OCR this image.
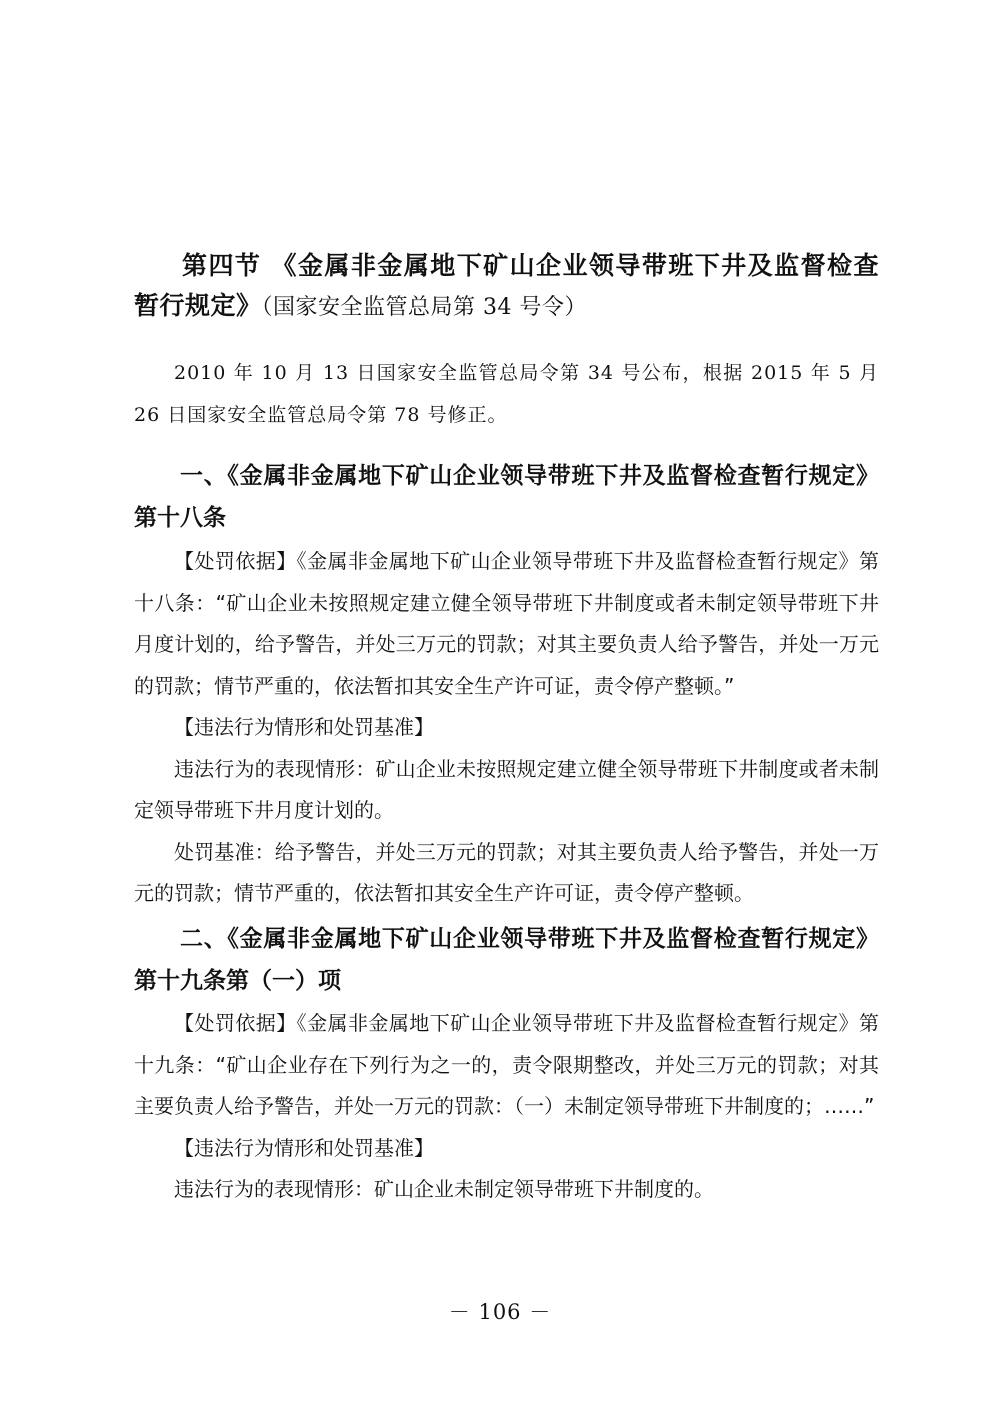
第四节 《金属非金属地下矿山企业领导带班下井及监督检查暂行规定》（国家安全监管总局第 34 号令）
2010 年 10 月 13 日国家安全监管总局令第 34 号公布，根据 2015 年 5 月 26 日国家安全监管总局令第 78 号修正。
一、《金属非金属地下矿山企业领导带班下井及监督检查暂行规定》第十八条

【处罚依据】《金属非金属地下矿山企业领导带班下井及监督检查暂行规定》第十八条：“矿山企业未按照规定建立健全领导带班下井制度或者未制定领导带班下井月度计划的，给予警告，并处三万元的罚款；对其主要负责人给予警告，并处一万元的罚款；情节严重的，依法暂扣其安全生产许可证，责令停产整顿。”

【违法行为情形和处罚基准】

违法行为的表现情形：矿山企业未按照规定建立健全领导带班下井制度或者未制定领导带班下井月度计划的。

处罚基准：给予警告，并处三万元的罚款；对其主要负责人给予警告，并处一万元的罚款；情节严重的，依法暂扣其安全生产许可证，责令停产整顿。

二、《金属非金属地下矿山企业领导带班下井及监督检查暂行规定》第十九条第（一）项

【处罚依据】《金属非金属地下矿山企业领导带班下井及监督检查暂行规定》第十九条：“矿山企业存在下列行为之一的，责令限期整改，并处三万元的罚款；对其主要负责人给予警告，并处一万元的罚款：（一）未制定领导带班下井制度的；……”

【违法行为情形和处罚基准】

违法行为的表现情形：矿山企业未制定领导带班下井制度的。

－ 106 －
